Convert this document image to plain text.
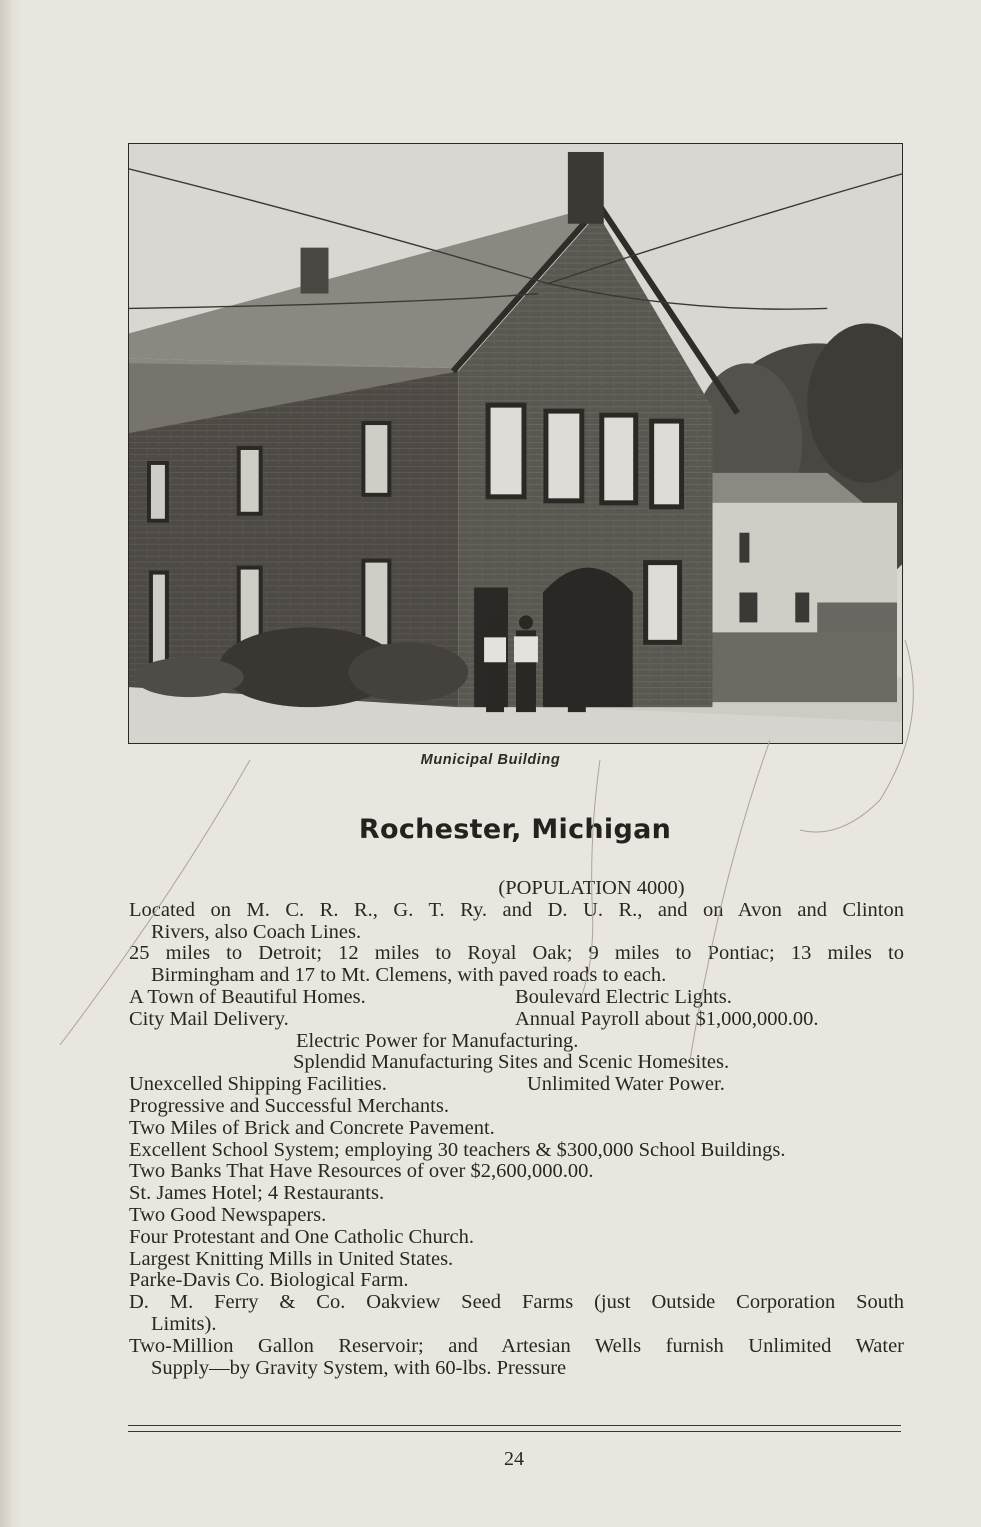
Municipal Building
Rochester, Michigan
(POPULATION 4000)
Located on M. C. R. R., G. T. Ry. and D. U. R., and on Avon and Clinton
Rivers, also Coach Lines.
25 miles to Detroit; 12 miles to Royal Oak; 9 miles to Pontiac; 13 miles to
Birmingham and 17 to Mt. Clemens, with paved roads to each.
A Town of Beautiful Homes.	Boulevard Electric Lights.
City Mail Delivery.	Annual Payroll about $1,000,000.00.
Electric Power for Manufacturing.
Splendid Manufacturing Sites and Scenic Homesites.
Unexcelled Shipping Facilities.	Unlimited Water Power.
Progressive and Successful Merchants.
Two Miles of Brick and Concrete Pavement.
Excellent School System; employing 30 teachers & $300,000 School Buildings.
Two Banks That Have Resources of over $2,600,000.00.
St. James Hotel; 4 Restaurants.
Two Good Newspapers.
Four Protestant and One Catholic Church.
Largest Knitting Mills in United States.
Parke-Davis Co. Biological Farm.
D. M. Ferry & Co. Oakview Seed Farms (just Outside Corporation South
Limits).
Two-Million Gallon Reservoir; and Artesian Wells furnish Unlimited Water
Supply—by Gravity System, with 60-lbs. Pressure
24
